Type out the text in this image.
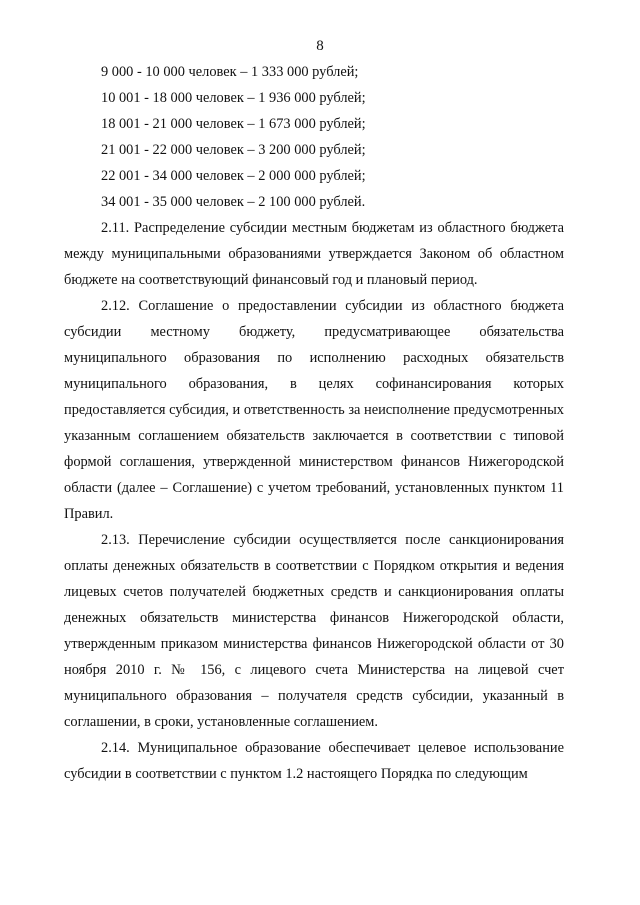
8

9 000 - 10 000 человек – 1 333 000 рублей;

10 001 - 18 000 человек – 1 936 000 рублей;

18 001 - 21 000 человек – 1 673 000 рублей;

21 001 - 22 000 человек – 3 200 000 рублей;

22 001 - 34 000 человек – 2 000 000 рублей;

34 001 - 35 000 человек – 2 100 000 рублей.

2.11. Распределение субсидии местным бюджетам из областного бюджета между муниципальными образованиями утверждается Законом об областном бюджете на соответствующий финансовый год и плановый период.

2.12. Соглашение о предоставлении субсидии из областного бюджета субсидии местному бюджету, предусматривающее обязательства муниципального образования по исполнению расходных обязательств муниципального образования, в целях софинансирования которых предоставляется субсидия, и ответственность за неисполнение предусмотренных указанным соглашением обязательств заключается в соответствии с типовой формой соглашения, утвержденной министерством финансов Нижегородской области (далее – Соглашение) с учетом требований, установленных пунктом 11 Правил.

2.13. Перечисление субсидии осуществляется после санкционирования оплаты денежных обязательств в соответствии с Порядком открытия и ведения лицевых счетов получателей бюджетных средств и санкционирования оплаты денежных обязательств министерства финансов Нижегородской области, утвержденным приказом министерства финансов Нижегородской области от 30 ноября 2010 г. № 156, с лицевого счета Министерства на лицевой счет муниципального образования – получателя средств субсидии, указанный в соглашении, в сроки, установленные соглашением.

2.14. Муниципальное образование обеспечивает целевое использование субсидии в соответствии с пунктом 1.2 настоящего Порядка по следующим
